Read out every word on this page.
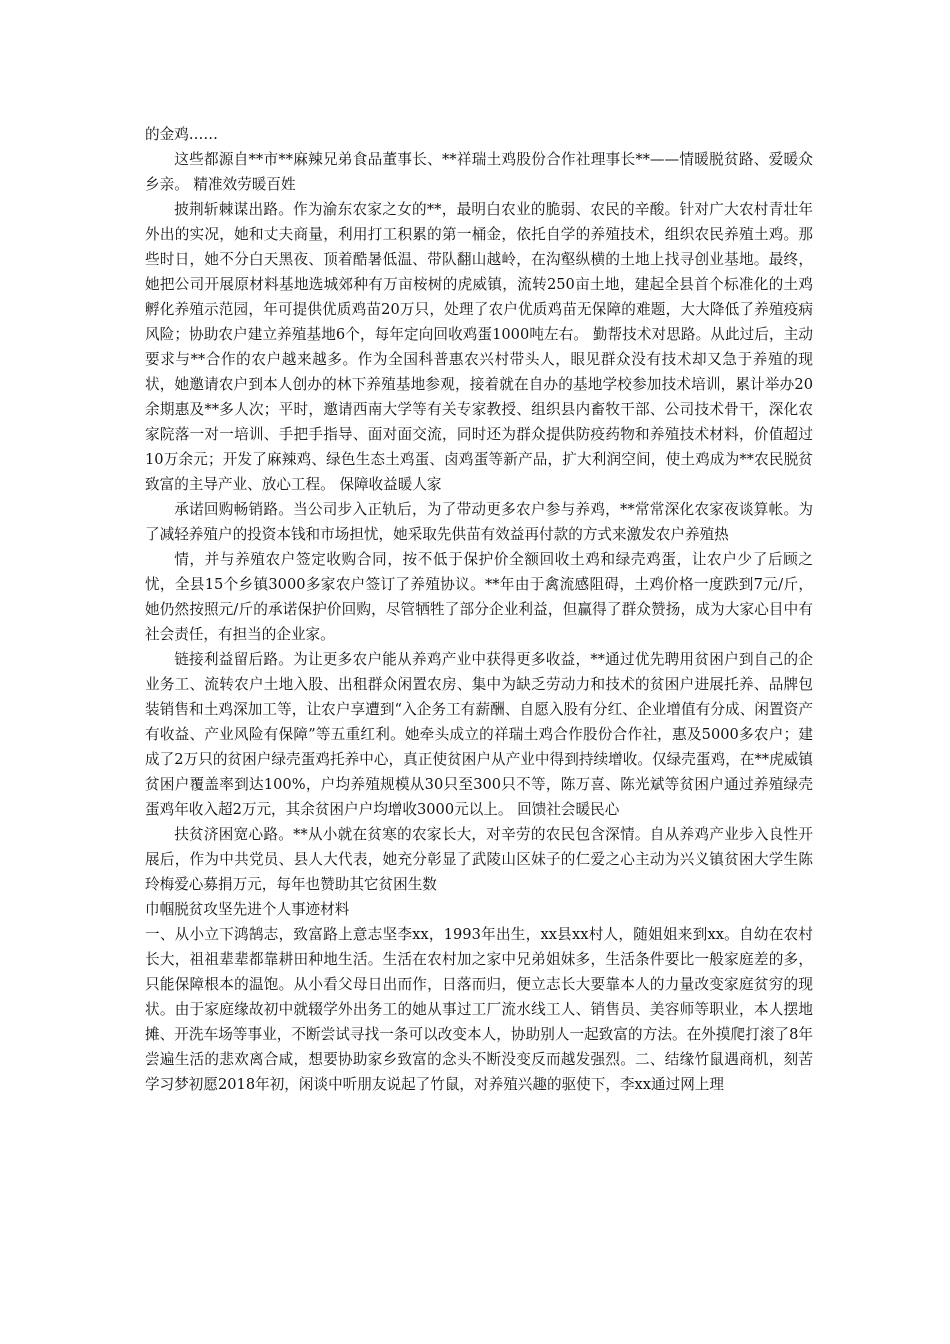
的金鸡……

这些都源自**市**麻辣兄弟食品董事长、**祥瑞土鸡股份合作社理事长**——情暖脱贫路、爱暖众乡亲。 精准效劳暖百姓

披荆斩棘谋出路。作为渝东农家之女的**，最明白农业的脆弱、农民的辛酸。针对广大农村青壮年外出的实况，她和丈夫商量，利用打工积累的第一桶金，依托自学的养殖技术，组织农民养殖土鸡。那些时日，她不分白天黑夜、顶着酷暑低温、带队翻山越岭，在沟壑纵横的土地上找寻创业基地。最终，她把公司开展原材料基地选城郊种有万亩桉树的虎威镇，流转250亩土地，建起全县首个标准化的土鸡孵化养殖示范园，年可提供优质鸡苗20万只，处理了农户优质鸡苗无保障的难题，大大降低了养殖疫病风险；协助农户建立养殖基地6个，每年定向回收鸡蛋1000吨左右。 勤帮技术对思路。从此过后，主动要求与**合作的农户越来越多。作为全国科普惠农兴村带头人，眼见群众没有技术却又急于养殖的现状，她邀请农户到本人创办的林下养殖基地参观，接着就在自办的基地学校参加技术培训，累计举办20余期惠及**多人次；平时，邀请西南大学等有关专家教授、组织县内畜牧干部、公司技术骨干，深化农家院落一对一培训、手把手指导、面对面交流，同时还为群众提供防疫药物和养殖技术材料，价值超过10万余元；开发了麻辣鸡、绿色生态土鸡蛋、卤鸡蛋等新产品，扩大利润空间，使土鸡成为**农民脱贫致富的主导产业、放心工程。 保障收益暖人家

承诺回购畅销路。当公司步入正轨后，为了带动更多农户参与养鸡，**常常深化农家夜谈算帐。为了减轻养殖户的投资本钱和市场担忧，她采取先供苗有效益再付款的方式来激发农户养殖热

情，并与养殖农户签定收购合同，按不低于保护价全额回收土鸡和绿壳鸡蛋，让农户少了后顾之忧，全县15个乡镇3000多家农户签订了养殖协议。**年由于禽流感阻碍，土鸡价格一度跌到7元/斤，她仍然按照元/斤的承诺保护价回购，尽管牺牲了部分企业利益，但赢得了群众赞扬，成为大家心目中有社会责任，有担当的企业家。

链接利益留后路。为让更多农户能从养鸡产业中获得更多收益，**通过优先聘用贫困户到自己的企业务工、流转农户土地入股、出租群众闲置农房、集中为缺乏劳动力和技术的贫困户进展托养、品牌包装销售和土鸡深加工等，让农户享遭到“入企务工有薪酬、自愿入股有分红、企业增值有分成、闲置资产有收益、产业风险有保障”等五重红利。她牵头成立的祥瑞土鸡合作股份合作社，惠及5000多农户；建成了2万只的贫困户绿壳蛋鸡托养中心，真正使贫困户从产业中得到持续增收。仅绿壳蛋鸡，在**虎威镇贫困户覆盖率到达100%，户均养殖规模从30只至300只不等，陈万喜、陈光斌等贫困户通过养殖绿壳蛋鸡年收入超2万元，其余贫困户户均增收3000元以上。 回馈社会暖民心

扶贫济困宽心路。**从小就在贫寒的农家长大，对辛劳的农民包含深情。自从养鸡产业步入良性开展后，作为中共党员、县人大代表，她充分彰显了武陵山区妹子的仁爱之心主动为兴义镇贫困大学生陈玲梅爱心募捐万元，每年也赞助其它贫困生数

巾帼脱贫攻坚先进个人事迹材料

一、从小立下鸿鹄志，致富路上意志坚李xx，1993年出生，xx县xx村人，随姐姐来到xx。自幼在农村长大，祖祖辈辈都靠耕田种地生活。生活在农村加之家中兄弟姐妹多，生活条件要比一般家庭差的多，只能保障根本的温饱。从小看父母日出而作，日落而归，便立志长大要靠本人的力量改变家庭贫穷的现状。由于家庭缘故初中就辍学外出务工的她从事过工厂流水线工人、销售员、美容师等职业，本人摆地摊、开洗车场等事业，不断尝试寻找一条可以改变本人，协助别人一起致富的方法。在外摸爬打滚了8年尝遍生活的悲欢离合咸，想要协助家乡致富的念头不断没变反而越发强烈。二、结缘竹鼠遇商机，刻苦学习梦初愿2018年初，闲谈中听朋友说起了竹鼠，对养殖兴趣的驱使下，李xx通过网上理
